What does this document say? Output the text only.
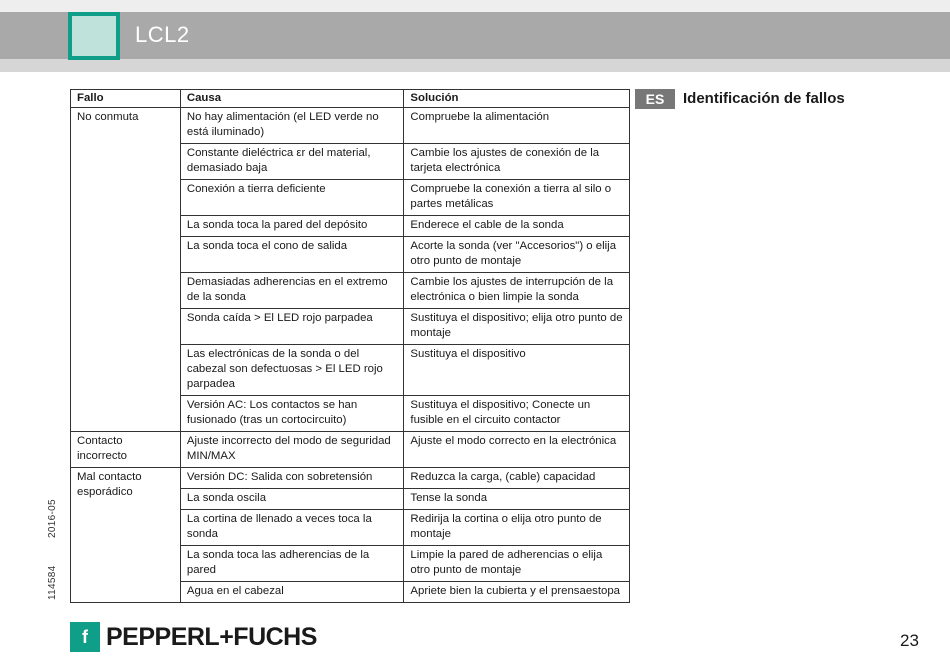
LCL2
114584
2016-05
Fallo	Causa	Solución
No conmuta	No hay alimentación (el LED verde no está iluminado)	Compruebe la alimentación
	Constante dieléctrica εr del material, demasiado baja	Cambie los ajustes de conexión de la tarjeta electrónica
	Conexión a tierra deficiente	Compruebe la conexión a tierra al silo o partes metálicas
	La sonda toca la pared del depósito	Enderece el cable de la sonda
	La sonda toca el cono de salida	Acorte la sonda (ver "Accesorios") o elija otro punto de montaje
	Demasiadas adherencias en el extremo de la sonda	Cambie los ajustes de interrupción de la electrónica o bien limpie la sonda
	Sonda caída > El LED rojo parpadea	Sustituya el dispositivo; elija otro punto de montaje
	Las electrónicas de la sonda o del cabezal son defectuosas > El LED rojo parpadea	Sustituya el dispositivo
	Versión AC: Los contactos se han fusionado (tras un cortocircuito)	Sustituya el dispositivo; Conecte un fusible en el circuito contactor
Contacto incorrecto	Ajuste incorrecto del modo de seguridad MIN/MAX	Ajuste el modo correcto en la electrónica
Mal contacto esporádico	Versión DC: Salida con sobretensión	Reduzca la carga, (cable) capacidad
	La sonda oscila	Tense la sonda
	La cortina de llenado a veces toca la sonda	Redirija la cortina o elija otro punto de montaje
	La sonda toca las adherencias de la pared	Limpie la pared de adherencias o elija otro punto de montaje
	Agua en el cabezal	Apriete bien la cubierta y el prensaestopa
ES	Identificación de fallos
f PEPPERL+FUCHS	23
